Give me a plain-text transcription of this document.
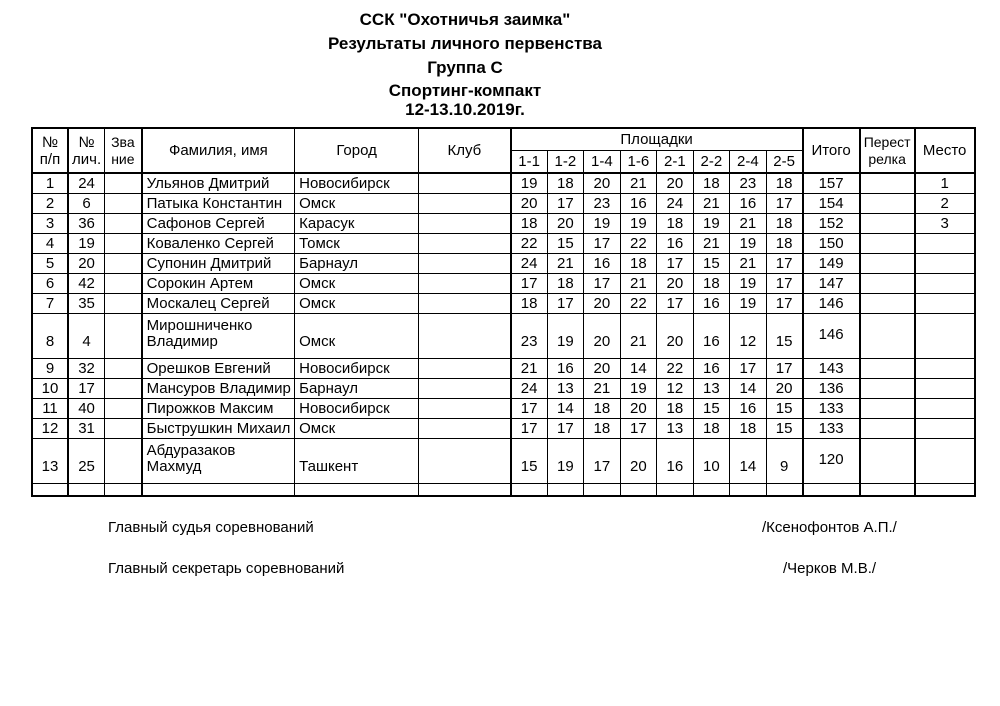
ССК "Охотничья заимка"
Результаты личного первенства
Группа С
Спортинг-компакт
12-13.10.2019г.
№ п/п	№ лич.	Звание	Фамилия, имя	Город	Клуб	Площадки								Итого	Перестрелка	Место
						1-1	1-2	1-4	1-6	2-1	2-2	2-4	2-5			
1	24		Ульянов Дмитрий	Новосибирск		19	18	20	21	20	18	23	18	157		1
2	6		Патыка Константин	Омск		20	17	23	16	24	21	16	17	154		2
3	36		Сафонов Сергей	Карасук		18	20	19	19	18	19	21	18	152		3
4	19		Коваленко Сергей	Томск		22	15	17	22	16	21	19	18	150		
5	20		Супонин Дмитрий	Барнаул		24	21	16	18	17	15	21	17	149		
6	42		Сорокин Артем	Омск		17	18	17	21	20	18	19	17	147		
7	35		Москалец Сергей	Омск		18	17	20	22	17	16	19	17	146		
8	4		Мирошниченко Владимир	Омск		23	19	20	21	20	16	12	15	146		
9	32		Орешков Евгений	Новосибирск		21	16	20	14	22	16	17	17	143		
10	17		Мансуров Владимир	Барнаул		24	13	21	19	12	13	14	20	136		
11	40		Пирожков Максим	Новосибирск		17	14	18	20	18	15	16	15	133		
12	31		Быструшкин Михаил	Омск		17	17	18	17	13	18	18	15	133		
13	25		Абдуразаков Махмуд	Ташкент		15	19	17	20	16	10	14	9	120		

Главный судья соревнований	/Ксенофонтов А.П./
Главный секретарь соревнований	/Черков М.В./
